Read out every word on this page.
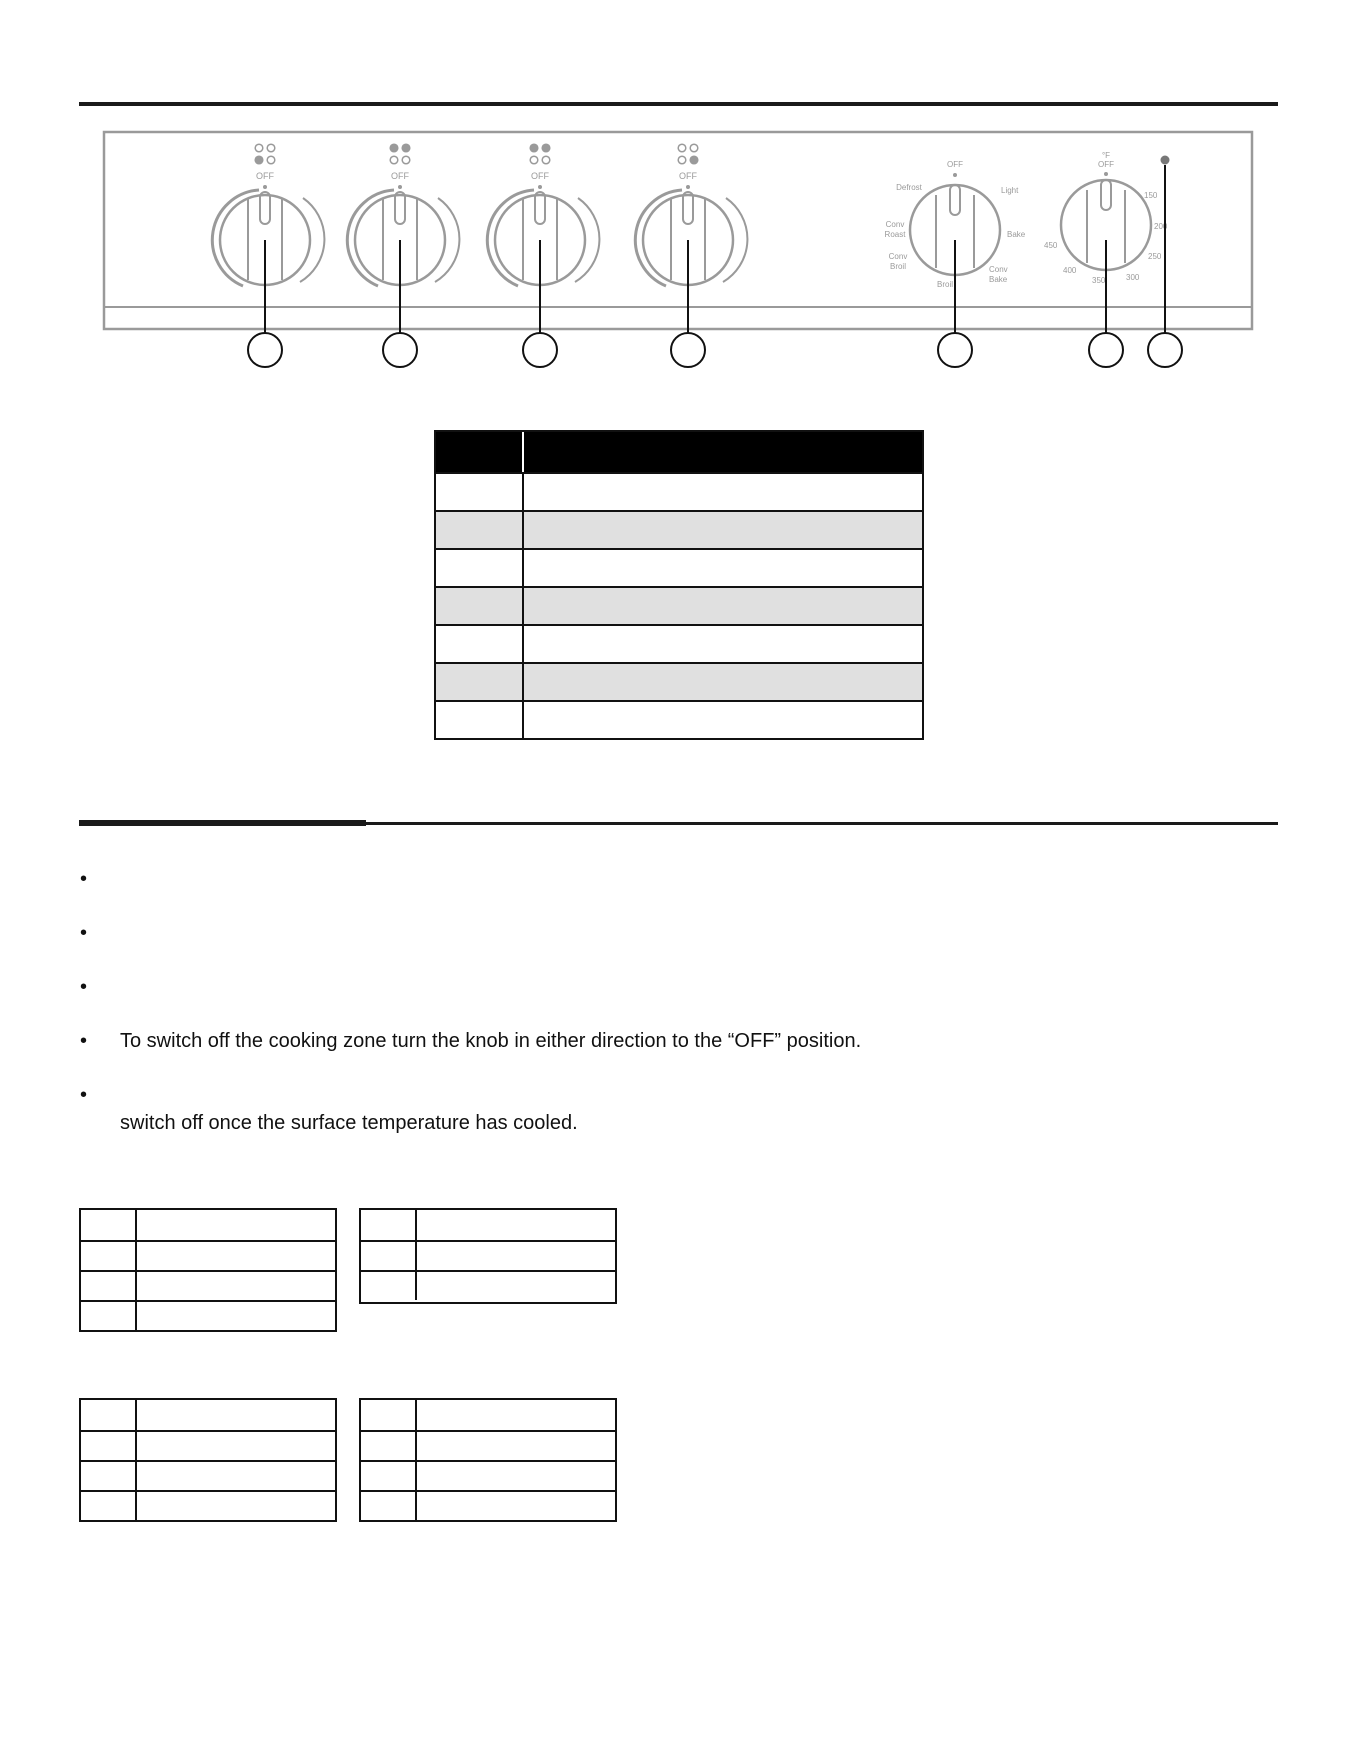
OFF	OFF	OFF	OFF
OFF
Light
Bake
Conv
Bake
Broil
Conv
Broil
Conv
Roast
Defrost
°F
OFF
150
200
250
300
350
400
450
•
•
•
• To switch off the cooking zone turn the knob in either direction to the “OFF” position.
•
switch off once the surface temperature has cooled.
